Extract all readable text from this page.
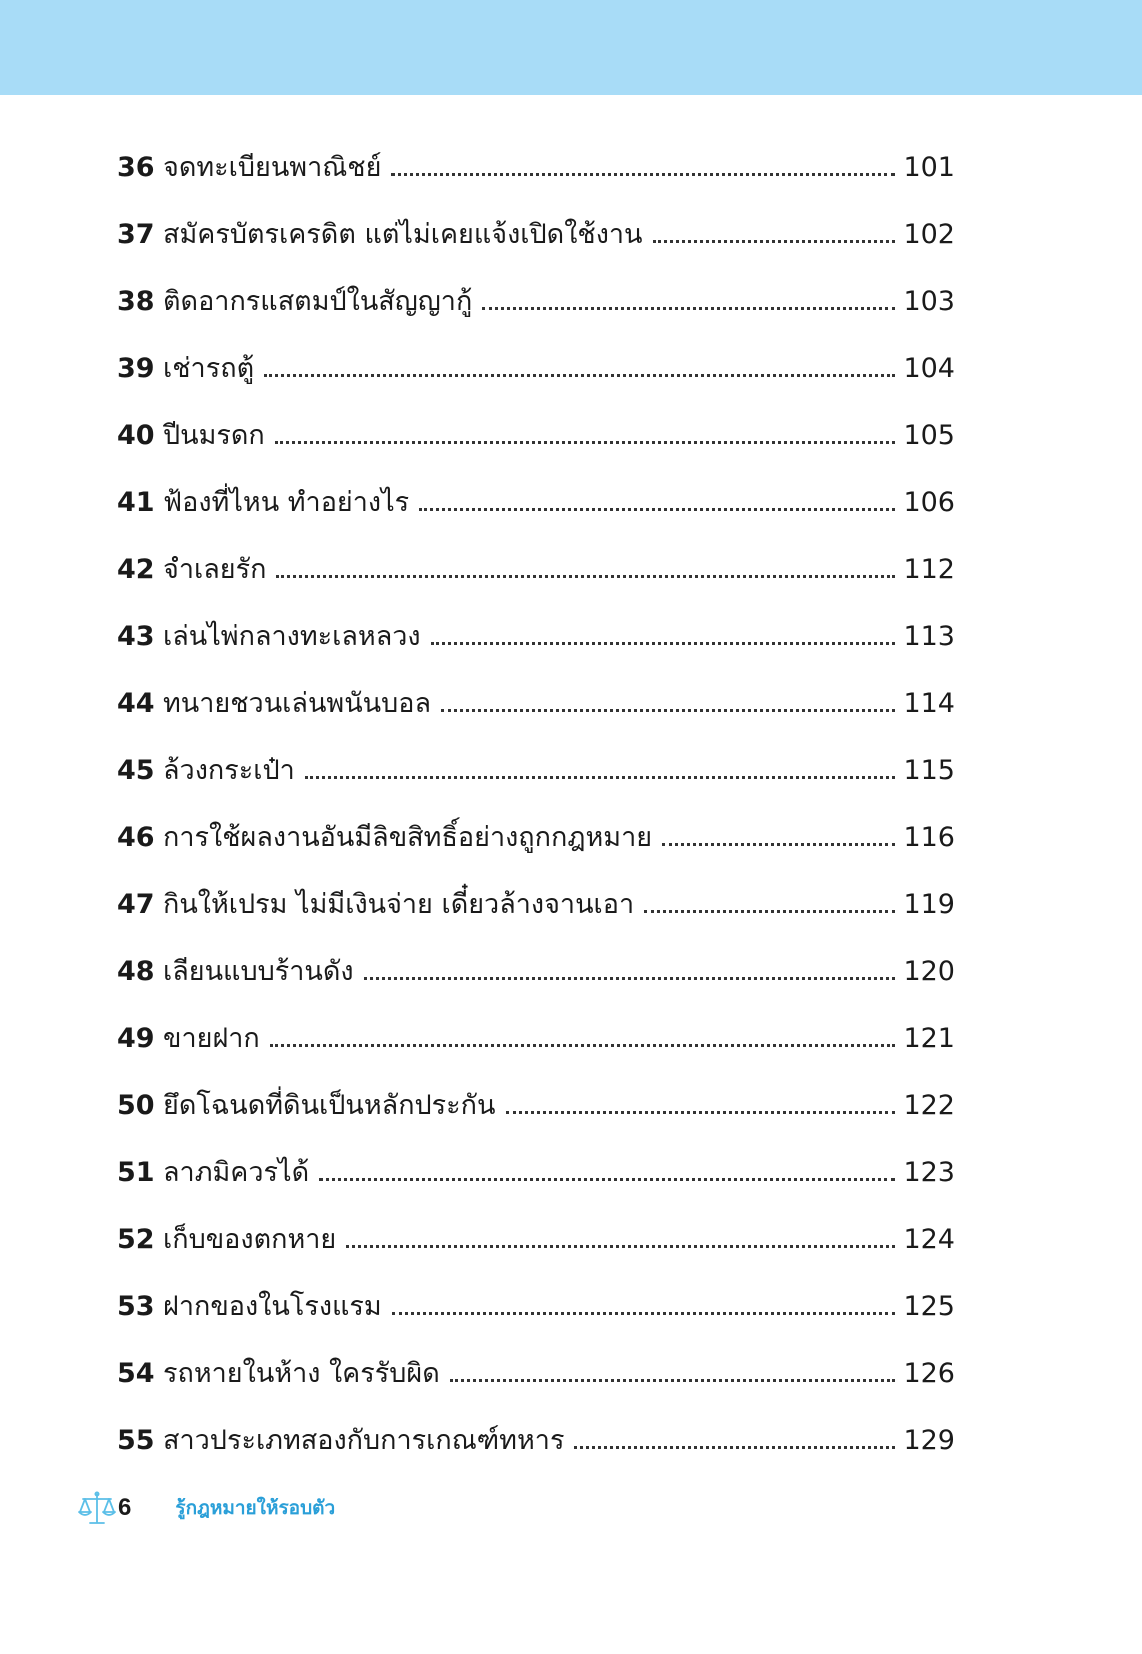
36 จดทะเบียนพาณิชย์	101
37 สมัครบัตรเครดิต แต่ไม่เคยแจ้งเปิดใช้งาน	102
38 ติดอากรแสตมป์ในสัญญากู้	103
39 เช่ารถตู้	104
40 ปีนมรดก	105
41 ฟ้องที่ไหน ทำอย่างไร	106
42 จำเลยรัก	112
43 เล่นไพ่กลางทะเลหลวง	113
44 ทนายชวนเล่นพนันบอล	114
45 ล้วงกระเป๋า	115
46 การใช้ผลงานอันมีลิขสิทธิ์อย่างถูกกฎหมาย	116
47 กินให้เปรม ไม่มีเงินจ่าย เดี๋ยวล้างจานเอา	119
48 เลียนแบบร้านดัง	120
49 ขายฝาก	121
50 ยึดโฉนดที่ดินเป็นหลักประกัน	122
51 ลาภมิควรได้	123
52 เก็บของตกหาย	124
53 ฝากของในโรงแรม	125
54 รถหายในห้าง ใครรับผิด	126
55 สาวประเภทสองกับการเกณฑ์ทหาร	129
6 รู้กฎหมายให้รอบตัว
